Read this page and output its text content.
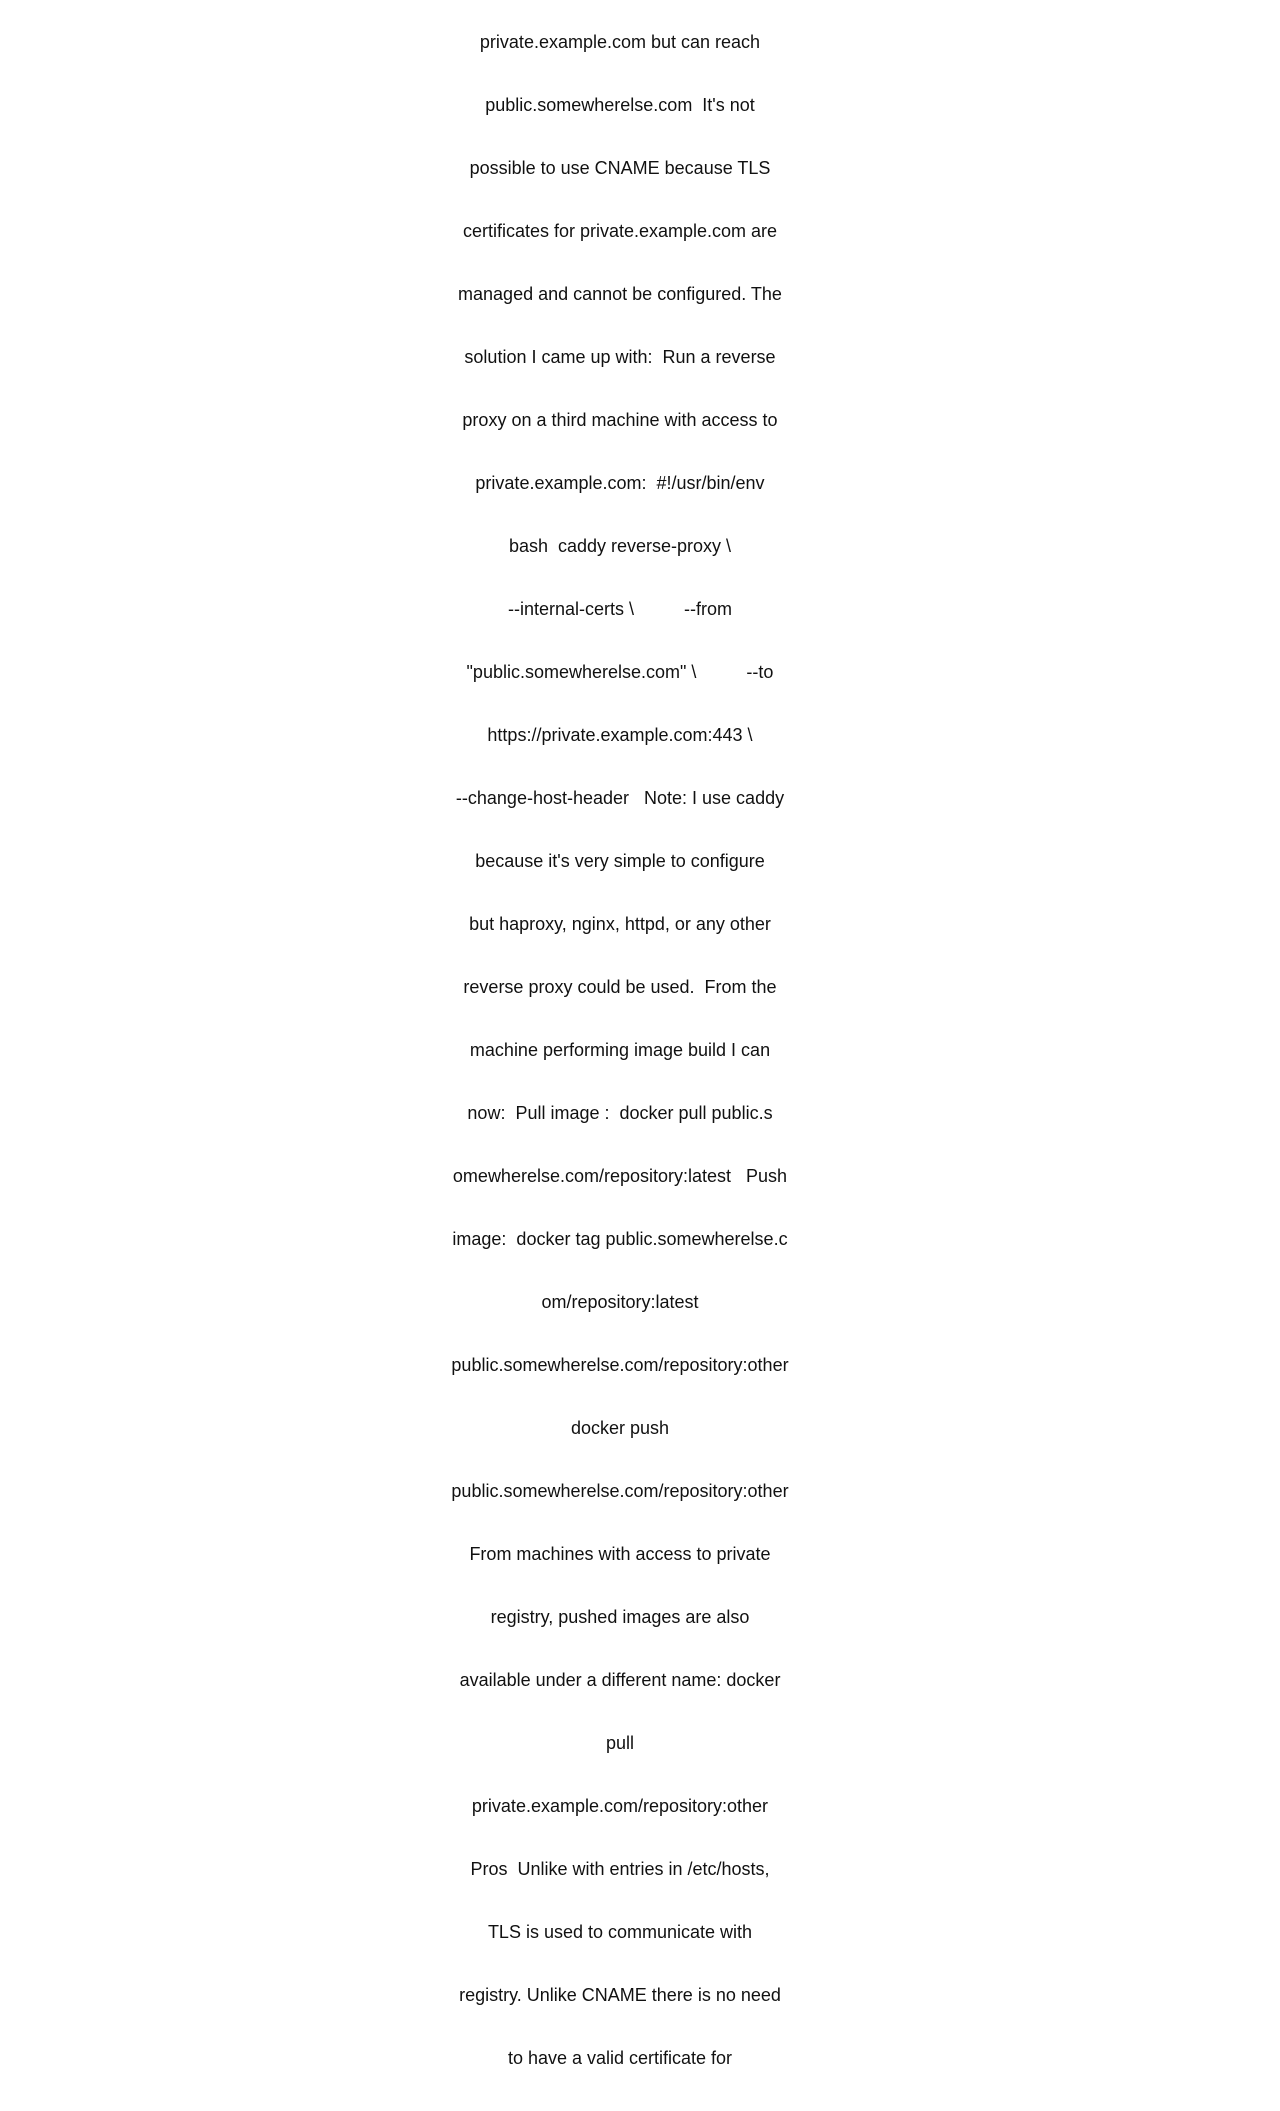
private.example.com but can reach

public.somewherelse.com  It's not

possible to use CNAME because TLS

certificates for private.example.com are

managed and cannot be configured. The

solution I came up with:  Run a reverse

proxy on a third machine with access to

private.example.com:  #!/usr/bin/env

bash  caddy reverse-proxy \

--internal-certs \          --from

"public.somewherelse.com" \          --to

https://private.example.com:443 \

--change-host-header   Note: I use caddy

because it's very simple to configure

but haproxy, nginx, httpd, or any other

reverse proxy could be used.  From the

machine performing image build I can

now:  Pull image :  docker pull public.s

omewherelse.com/repository:latest   Push

image:  docker tag public.somewherelse.c

om/repository:latest

public.somewherelse.com/repository:other

docker push

public.somewherelse.com/repository:other

From machines with access to private

registry, pushed images are also

available under a different name: docker

pull

private.example.com/repository:other

Pros  Unlike with entries in /etc/hosts,

TLS is used to communicate with

registry. Unlike CNAME there is no need

to have a valid certificate for
